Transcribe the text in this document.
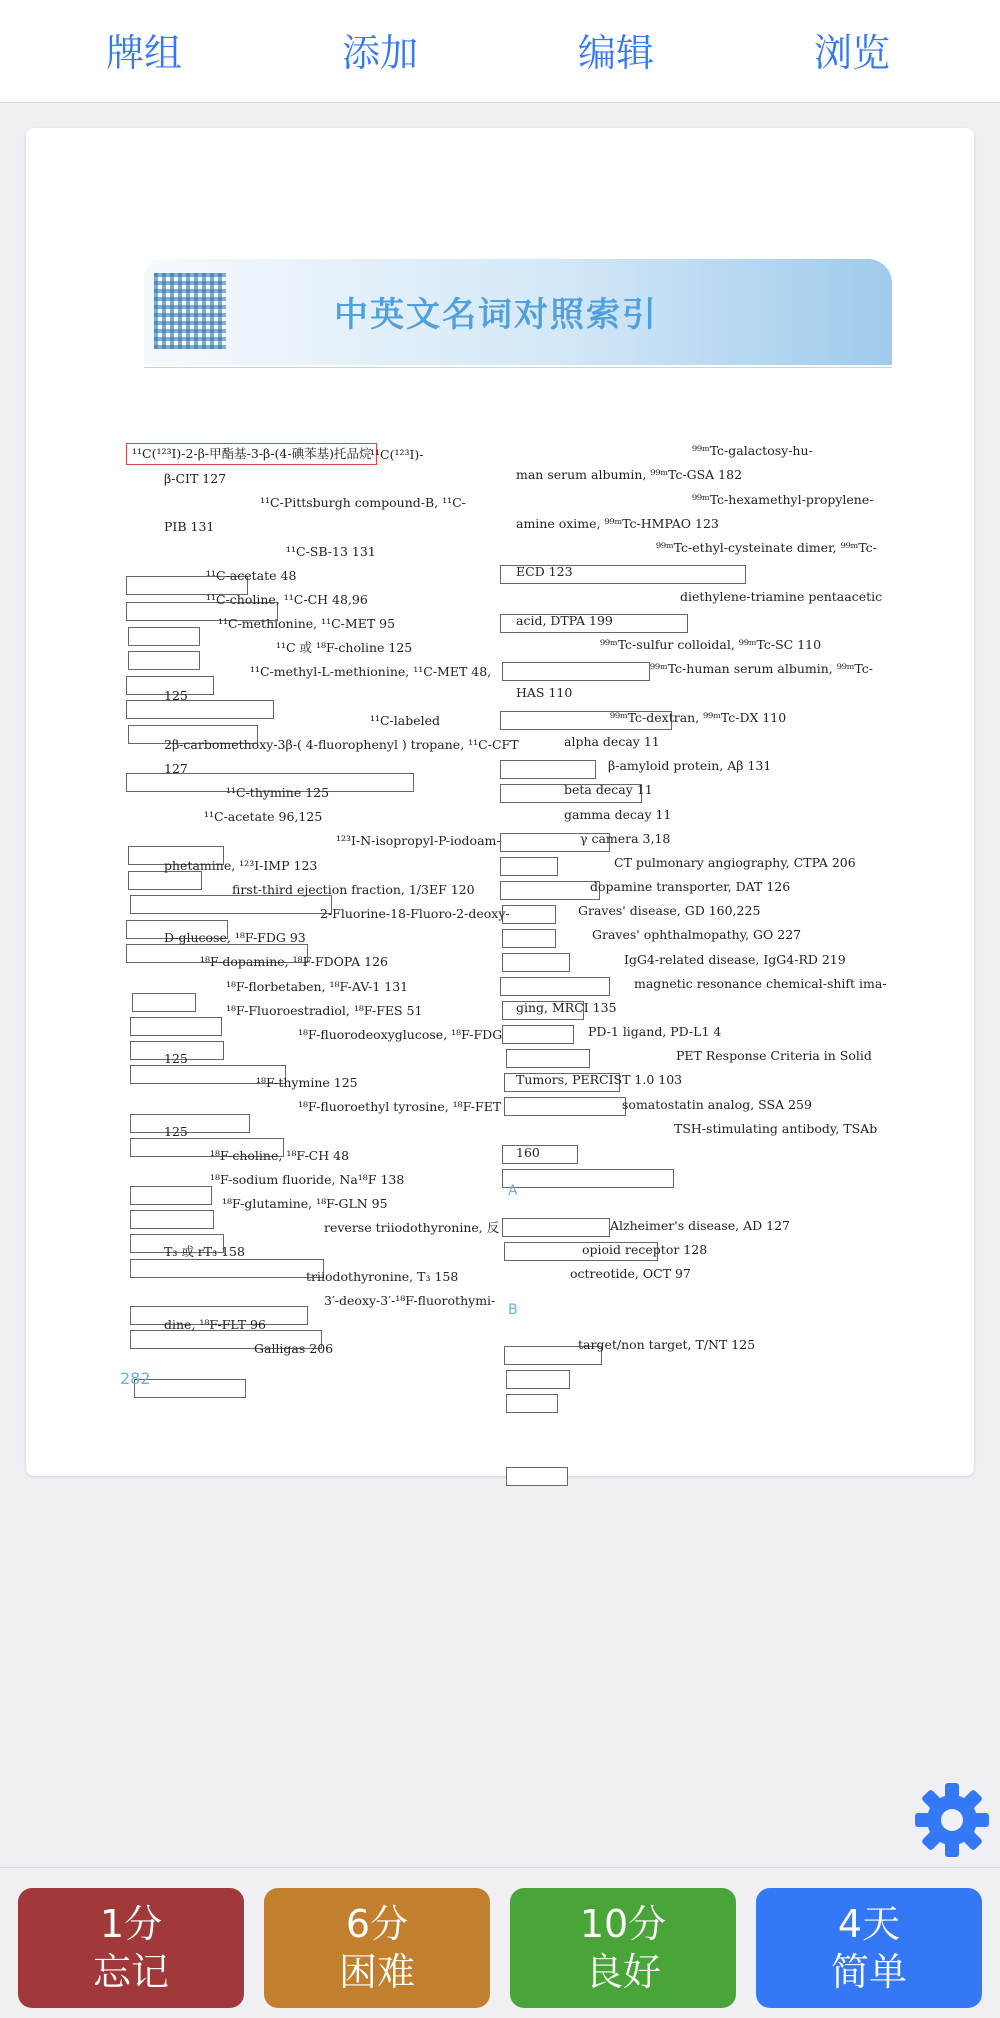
牌组	添加	编辑	浏览
中英文名词对照索引
¹¹C(¹²³I)-2-β-甲酯基-3-β-(4-碘苯基)托品烷
¹¹C(¹²³I)-
β-CIT 127
¹¹C-Pittsburgh compound-B, ¹¹C-
PIB 131
¹¹C-SB-13 131
¹¹C-acetate 48
¹¹C-choline, ¹¹C-CH 48,96
¹¹C-methionine, ¹¹C-MET 95
¹¹C 或 ¹⁸F-choline 125
¹¹C-methyl-L-methionine, ¹¹C-MET 48,
125
¹¹C-labeled
2β-carbomethoxy-3β-( 4-fluorophenyl ) tropane, ¹¹C-CFT
127
¹¹C-thymine 125
¹¹C-acetate 96,125
¹²³I-N-isopropyl-P-iodoam-
phetamine, ¹²³I-IMP 123
first-third ejection fraction, 1/3EF 120
2-Fluorine-18-Fluoro-2-deoxy-
D-glucose, ¹⁸F-FDG 93
¹⁸F-dopamine, ¹⁸F-FDOPA 126
¹⁸F-florbetaben, ¹⁸F-AV-1 131
¹⁸F-Fluoroestradiol, ¹⁸F-FES 51
¹⁸F-fluorodeoxyglucose, ¹⁸F-FDG
125
¹⁸F-thymine 125
¹⁸F-fluoroethyl tyrosine, ¹⁸F-FET
125
¹⁸F-choline, ¹⁸F-CH 48
¹⁸F-sodium fluoride, Na¹⁸F 138
¹⁸F-glutamine, ¹⁸F-GLN 95
reverse triiodothyronine, 反
T₃ 或 rT₃ 158
triiodothyronine, T₃ 158
3′-deoxy-3′-¹⁸F-fluorothymi-
dine, ¹⁸F-FLT 96
Galligas 206
⁹⁹ᵐTc-galactosy-hu-
man serum albumin, ⁹⁹ᵐTc-GSA 182
⁹⁹ᵐTc-hexamethyl-propylene-
amine oxime, ⁹⁹ᵐTc-HMPAO 123
⁹⁹ᵐTc-ethyl-cysteinate dimer, ⁹⁹ᵐTc-
ECD 123
diethylene-triamine pentaacetic
acid, DTPA 199
⁹⁹ᵐTc-sulfur colloidal, ⁹⁹ᵐTc-SC 110
⁹⁹ᵐTc-human serum albumin, ⁹⁹ᵐTc-
HAS 110
⁹⁹ᵐTc-dextran, ⁹⁹ᵐTc-DX 110
alpha decay 11
β-amyloid protein, Aβ 131
beta decay 11
gamma decay 11
γ camera 3,18
CT pulmonary angiography, CTPA 206
dopamine transporter, DAT 126
Graves' disease, GD 160,225
Graves' ophthalmopathy, GO 227
IgG4-related disease, IgG4-RD 219
magnetic resonance chemical-shift ima-
ging, MRCI 135
PD-1 ligand, PD-L1 4
PET Response Criteria in Solid
Tumors, PERCIST 1.0 103
somatostatin analog, SSA 259
TSH-stimulating antibody, TSAb
160
A
Alzheimer's disease, AD 127
opioid receptor 128
octreotide, OCT 97
B
target/non target, T/NT 125
282
1分
忘记
6分
困难
10分
良好
4天
简单
